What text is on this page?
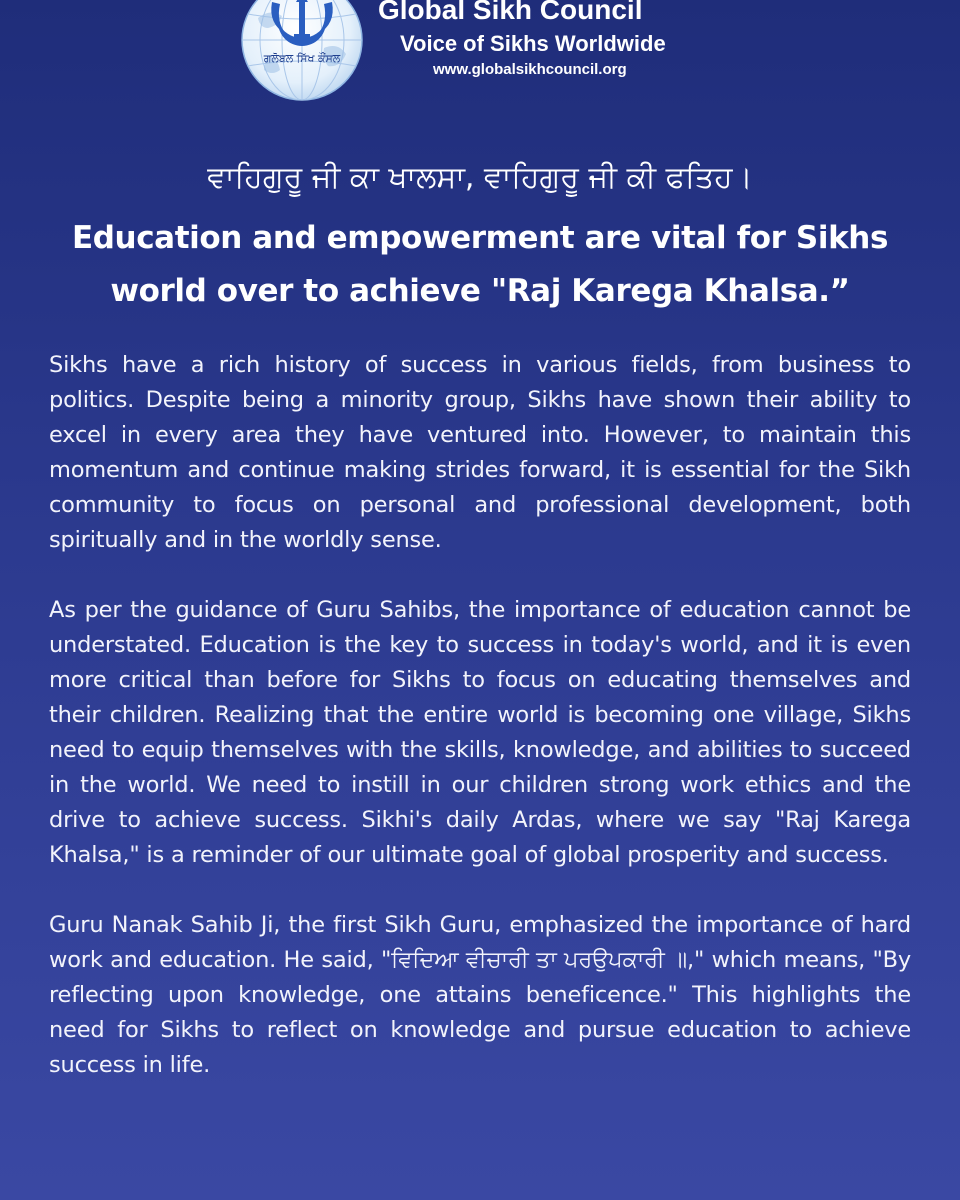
ਗਲੋਬਲ ਸਿੱਖ ਕੌਂਸਲ
Global Sikh Council
Voice of Sikhs Worldwide
www.globalsikhcouncil.org
ਵਾਹਿਗੁਰੂ ਜੀ ਕਾ ਖਾਲਸਾ, ਵਾਹਿਗੁਰੂ ਜੀ ਕੀ ਫਤਿਹ।
Education and empowerment are vital for Sikhs world over to achieve "Raj Karega Khalsa.”

Sikhs have a rich history of success in various fields, from business to politics. Despite being a minority group, Sikhs have shown their ability to excel in every area they have ventured into. However, to maintain this momentum and continue making strides forward, it is essential for the Sikh community to focus on personal and professional development, both spiritually and in the worldly sense.

As per the guidance of Guru Sahibs, the importance of education cannot be understated. Education is the key to success in today's world, and it is even more critical than before for Sikhs to focus on educating themselves and their children. Realizing that the entire world is becoming one village, Sikhs need to equip themselves with the skills, knowledge, and abilities to succeed in the world. We need to instill in our children strong work ethics and the drive to achieve success. Sikhi's daily Ardas, where we say "Raj Karega Khalsa," is a reminder of our ultimate goal of global prosperity and success.

Guru Nanak Sahib Ji, the first Sikh Guru, emphasized the importance of hard work and education. He said, "ਵਿਦਿਆ ਵੀਚਾਰੀ ਤਾ ਪਰਉਪਕਾਰੀ ॥," which means, "By reflecting upon knowledge, one attains beneficence." This highlights the need for Sikhs to reflect on knowledge and pursue education to achieve success in life.
